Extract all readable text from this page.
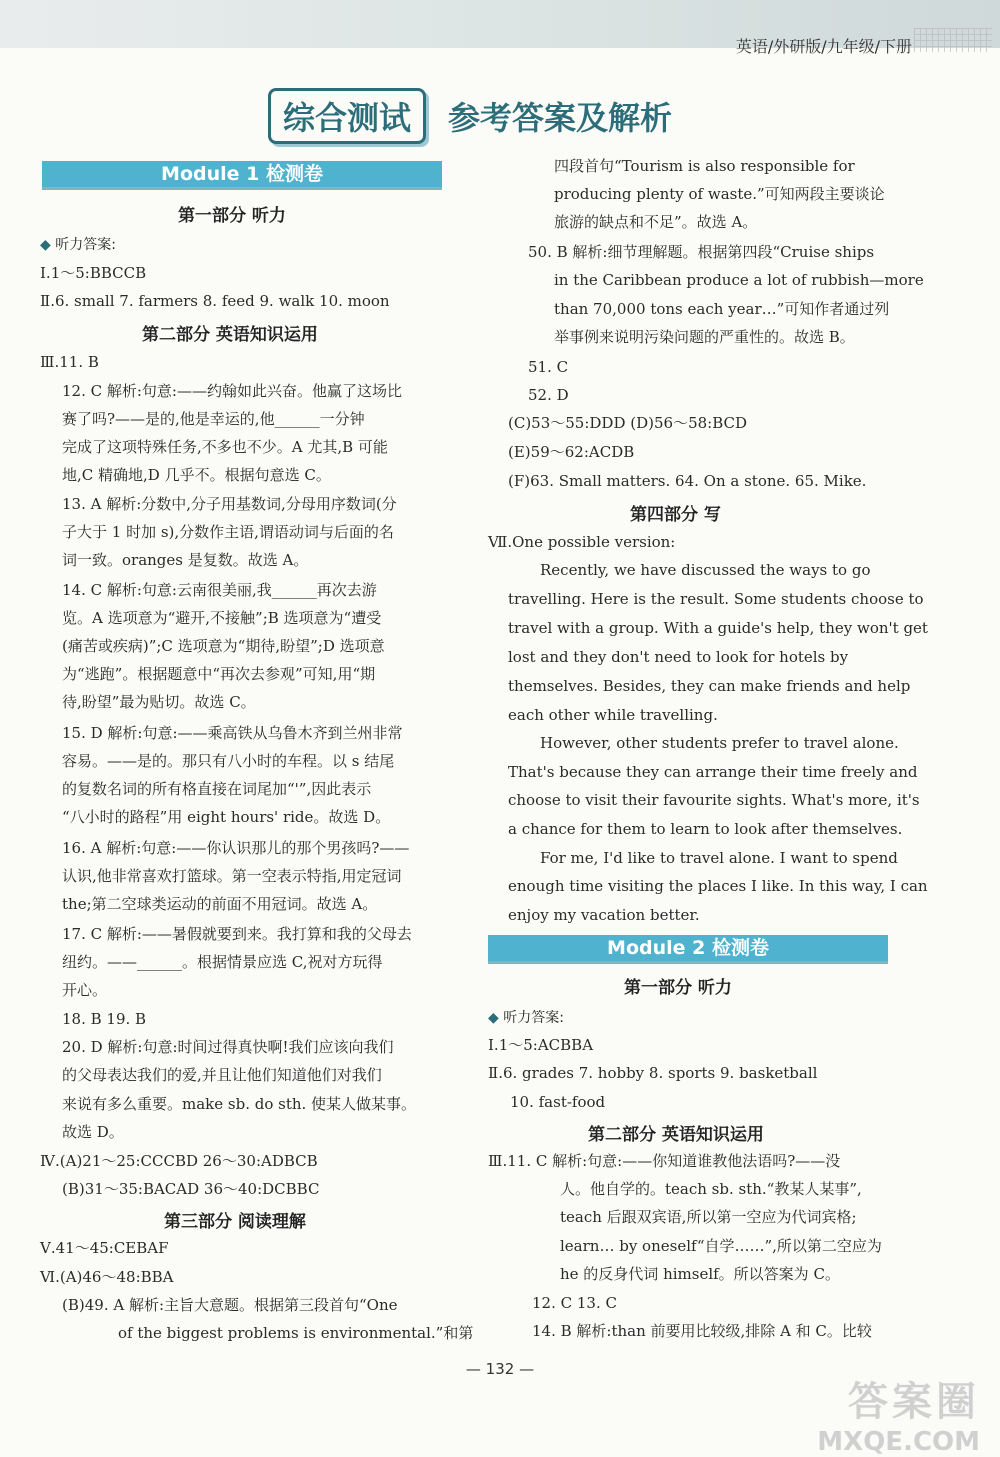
英语/外研版/九年级/下册
综合测试	参考答案及解析
Module 1 检测卷
第一部分 听力
◆ 听力答案:
Ⅰ.1～5:BBCCB
Ⅱ.6. small 7. farmers 8. feed 9. walk 10. moon
第二部分 英语知识运用
Ⅲ.11. B
12. C 解析:句意:——约翰如此兴奋。他赢了这场比
赛了吗?——是的,他是幸运的,他______一分钟
完成了这项特殊任务,不多也不少。A 尤其,B 可能
地,C 精确地,D 几乎不。根据句意选 C。
13. A 解析:分数中,分子用基数词,分母用序数词(分
子大于 1 时加 s),分数作主语,谓语动词与后面的名
词一致。oranges 是复数。故选 A。
14. C 解析:句意:云南很美丽,我______再次去游
览。A 选项意为“避开,不接触”;B 选项意为“遭受
(痛苦或疾病)”;C 选项意为“期待,盼望”;D 选项意
为“逃跑”。根据题意中“再次去参观”可知,用“期
待,盼望”最为贴切。故选 C。
15. D 解析:句意:——乘高铁从乌鲁木齐到兰州非常
容易。——是的。那只有八小时的车程。以 s 结尾
的复数名词的所有格直接在词尾加“'”,因此表示
“八小时的路程”用 eight hours' ride。故选 D。
16. A 解析:句意:——你认识那儿的那个男孩吗?——
认识,他非常喜欢打篮球。第一空表示特指,用定冠词
the;第二空球类运动的前面不用冠词。故选 A。
17. C 解析:——暑假就要到来。我打算和我的父母去
纽约。——______。根据情景应选 C,祝对方玩得
开心。
18. B 19. B
20. D 解析:句意:时间过得真快啊!我们应该向我们
的父母表达我们的爱,并且让他们知道他们对我们
来说有多么重要。make sb. do sth. 使某人做某事。
故选 D。
Ⅳ.(A)21～25:CCCBD 26～30:ADBCB
(B)31～35:BACAD 36～40:DCBBC
第三部分 阅读理解
Ⅴ.41～45:CEBAF
Ⅵ.(A)46～48:BBA
(B)49. A 解析:主旨大意题。根据第三段首句“One
of the biggest problems is environmental.”和第
四段首句“Tourism is also responsible for
producing plenty of waste.”可知两段主要谈论
旅游的缺点和不足”。故选 A。
50. B 解析:细节理解题。根据第四段“Cruise ships
in the Caribbean produce a lot of rubbish—more
than 70,000 tons each year…”可知作者通过列
举事例来说明污染问题的严重性的。故选 B。
51. C
52. D
(C)53～55:DDD (D)56～58:BCD
(E)59～62:ACDB
(F)63. Small matters. 64. On a stone. 65. Mike.
第四部分 写
Ⅶ.One possible version:
Recently, we have discussed the ways to go
travelling. Here is the result. Some students choose to
travel with a group. With a guide's help, they won't get
lost and they don't need to look for hotels by
themselves. Besides, they can make friends and help
each other while travelling.
However, other students prefer to travel alone.
That's because they can arrange their time freely and
choose to visit their favourite sights. What's more, it's
a chance for them to learn to look after themselves.
For me, I'd like to travel alone. I want to spend
enough time visiting the places I like. In this way, I can
enjoy my vacation better.
Module 2 检测卷
第一部分 听力
◆ 听力答案:
Ⅰ.1～5:ACBBA
Ⅱ.6. grades 7. hobby 8. sports 9. basketball
10. fast-food
第二部分 英语知识运用
Ⅲ.11. C 解析:句意:——你知道谁教他法语吗?——没
人。他自学的。teach sb. sth.“教某人某事”,
teach 后跟双宾语,所以第一空应为代词宾格;
learn… by oneself“自学……”,所以第二空应为
he 的反身代词 himself。所以答案为 C。
12. C 13. C
14. B 解析:than 前要用比较级,排除 A 和 C。比较
— 132 —
答案圈
MXQE.COM
